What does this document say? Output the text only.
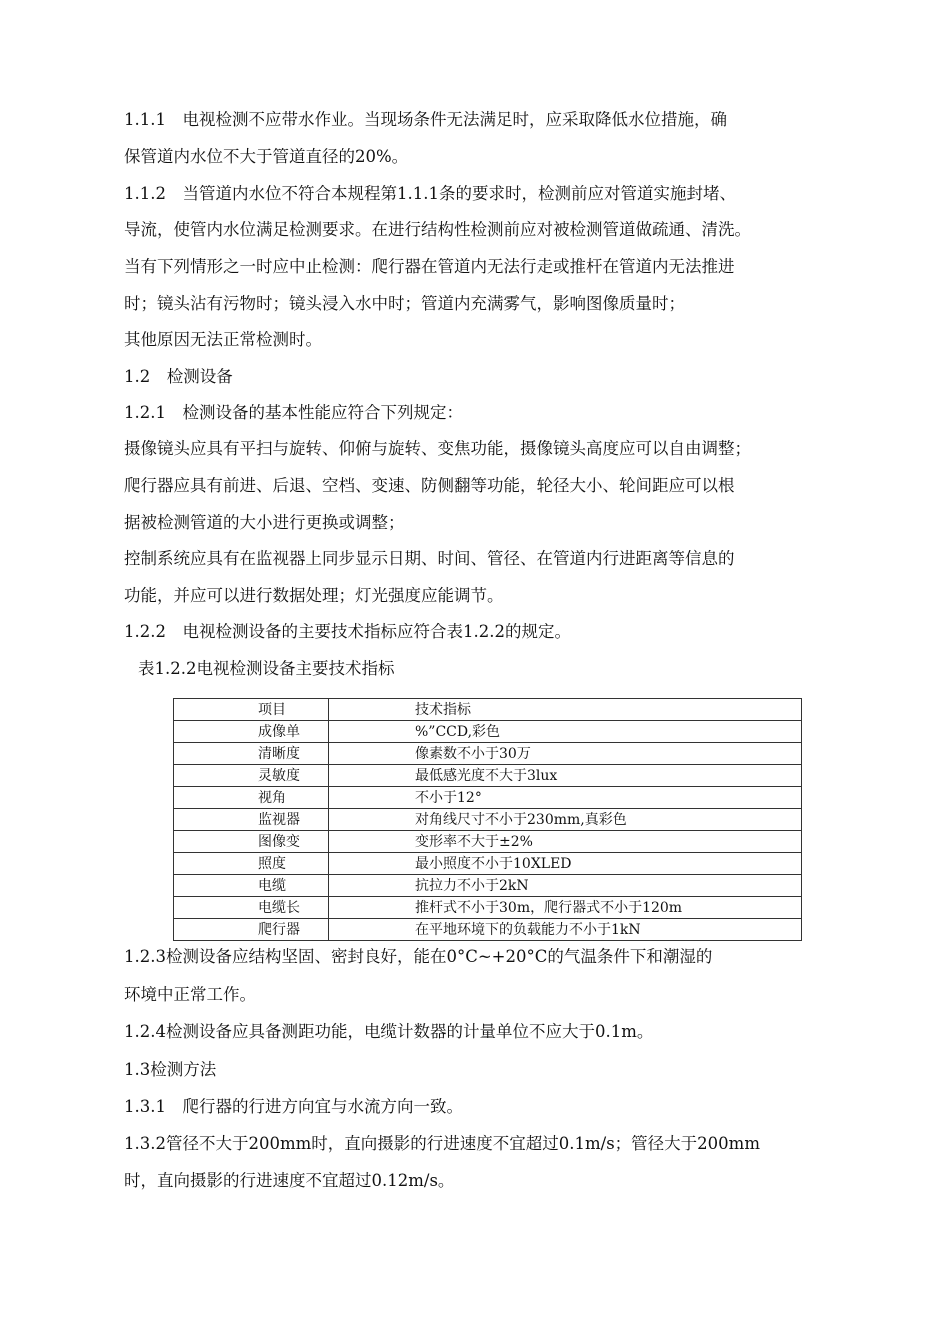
1.1.1　电视检测不应带水作业。当现场条件无法满足时，应采取降低水位措施，确
保管道内水位不大于管道直径的20%。
1.1.2　当管道内水位不符合本规程第1.1.1条的要求时，检测前应对管道实施封堵、
导流，使管内水位满足检测要求。在进行结构性检测前应对被检测管道做疏通、清洗。
当有下列情形之一时应中止检测：爬行器在管道内无法行走或推杆在管道内无法推进
时；镜头沾有污物时；镜头浸入水中时；管道内充满雾气，影响图像质量时；
其他原因无法正常检测时。
1.2　检测设备
1.2.1　检测设备的基本性能应符合下列规定：
摄像镜头应具有平扫与旋转、仰俯与旋转、变焦功能，摄像镜头高度应可以自由调整；
爬行器应具有前进、后退、空档、变速、防侧翻等功能，轮径大小、轮间距应可以根
据被检测管道的大小进行更换或调整；
控制系统应具有在监视器上同步显示日期、时间、管径、在管道内行进距离等信息的
功能，并应可以进行数据处理；灯光强度应能调节。
1.2.2　电视检测设备的主要技术指标应符合表1.2.2的规定。
表1.2.2电视检测设备主要技术指标
项目	技术指标
成像单	%”CCD,彩色
清晰度	像素数不小于30万
灵敏度	最低感光度不大于3lux
视角	不小于12°
监视器	对角线尺寸不小于230mm,真彩色
图像变	变形率不大于±2%
照度	最小照度不小于10XLED
电缆	抗拉力不小于2kN
电缆长	推杆式不小于30m，爬行器式不小于120m
爬行器	在平地环境下的负载能力不小于1kN
1.2.3检测设备应结构坚固、密封良好，能在0°C~+20°C的气温条件下和潮湿的
环境中正常工作。
1.2.4检测设备应具备测距功能，电缆计数器的计量单位不应大于0.1m。
1.3检测方法
1.3.1　爬行器的行进方向宜与水流方向一致。
1.3.2管径不大于200mm时，直向摄影的行进速度不宜超过0.1m/s；管径大于200mm
时，直向摄影的行进速度不宜超过0.12m/s。
